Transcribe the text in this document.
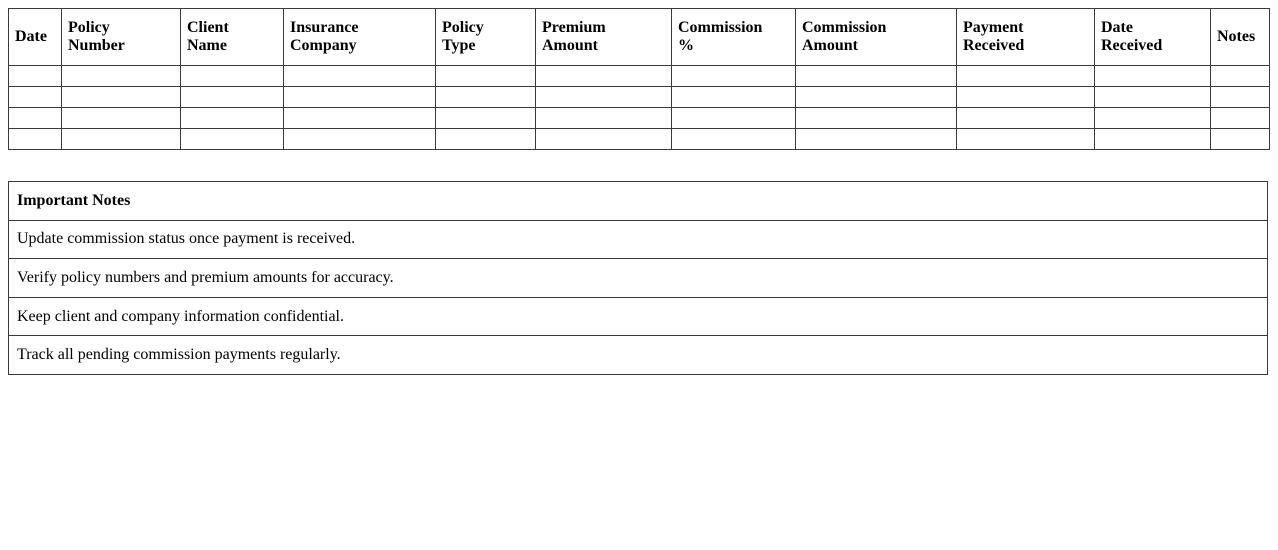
Date	Policy Number	Client Name	Insurance Company	Policy Type	Premium Amount	Commission %	Commission Amount	Payment Received	Date Received	Notes

Important Notes
Update commission status once payment is received.
Verify policy numbers and premium amounts for accuracy.
Keep client and company information confidential.
Track all pending commission payments regularly.
